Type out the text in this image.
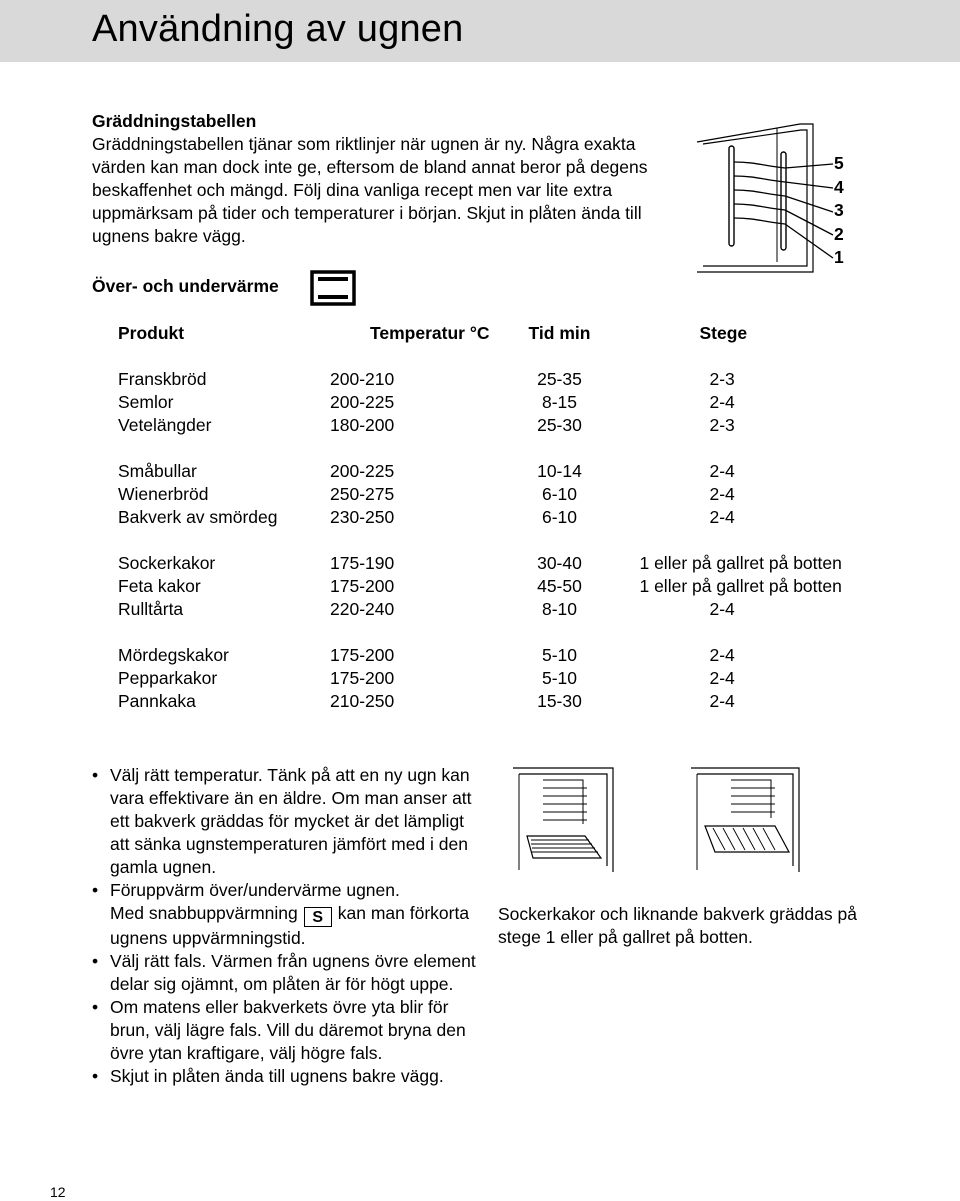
Användning av ugnen

Gräddningstabellen

Gräddningstabellen tjänar som riktlinjer när ugnen är ny. Några exakta värden kan man dock inte ge, eftersom de bland annat beror på degens beskaffenhet och mängd. Följ dina vanliga recept men var lite extra uppmärksam på tider och temperaturer i början. Skjut in plåten ända till ugnens bakre vägg.

Över- och undervärme
5
4
3
2
1
Produkt	Temperatur °C	Tid min	Stege
Franskbröd	200-210	25-35	2-3
Semlor	200-225	8-15	2-4
Vetelängder	180-200	25-30	2-3

Småbullar	200-225	10-14	2-4
Wienerbröd	250-275	6-10	2-4
Bakverk av smördeg	230-250	6-10	2-4

Sockerkakor	175-190	30-40	1 eller på gallret på botten
Feta kakor	175-200	45-50	1 eller på gallret på botten
Rulltårta	220-240	8-10	2-4

Mördegskakor	175-200	5-10	2-4
Pepparkakor	175-200	5-10	2-4
Pannkaka	210-250	15-30	2-4
• Välj rätt temperatur. Tänk på att en ny ugn kan vara effektivare än en äldre. Om man anser att ett bakverk gräddas för mycket är det lämpligt att sänka ugnstemperaturen jämfört med i den gamla ugnen.
• Föruppvärm över/undervärme ugnen.
Med snabbuppvärmning S kan man förkorta ugnens uppvärmningstid.
• Välj rätt fals. Värmen från ugnens övre element delar sig ojämnt, om plåten är för högt uppe.
• Om matens eller bakverkets övre yta blir för brun, välj lägre fals. Vill du däremot bryna den övre ytan kraftigare, välj högre fals.
• Skjut in plåten ända till ugnens bakre vägg.
Sockerkakor och liknande bakverk gräddas på stege 1 eller på gallret på botten.
12
